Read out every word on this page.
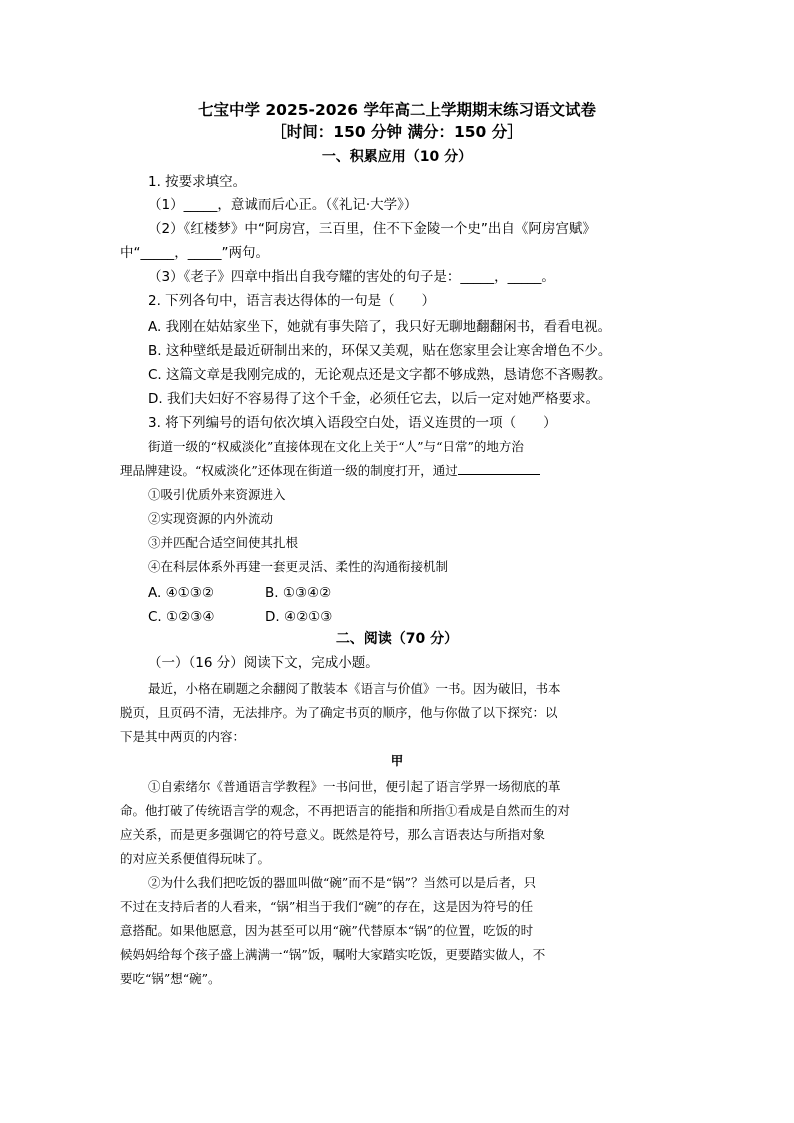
七宝中学 2025-2026 学年高二上学期期末练习语文试卷
［时间：150 分钟 满分：150 分］
一、积累应用（10 分）
1. 按要求填空。
（1）_____，意诚而后心正。（《礼记·大学》）
（2）《红楼梦》中“阿房宫，三百里，住不下金陵一个史”出自《阿房宫赋》
中“_____，_____”两句。
（3）《老子》四章中指出自我夸耀的害处的句子是：_____，_____。
2. 下列各句中，语言表达得体的一句是（　　）
A. 我刚在姑姑家坐下，她就有事失陪了，我只好无聊地翻翻闲书，看看电视。
B. 这种壁纸是最近研制出来的，环保又美观，贴在您家里会让寒舍增色不少。
C. 这篇文章是我刚完成的，无论观点还是文字都不够成熟，恳请您不吝赐教。
D. 我们夫妇好不容易得了这个千金，必须任它去，以后一定对她严格要求。
3. 将下列编号的语句依次填入语段空白处，语义连贯的一项（　　）
街道一级的“权威淡化”直接体现在文化上关于“人”与“日常”的地方治
理品牌建设。“权威淡化”还体现在街道一级的制度打开，通过
①吸引优质外来资源进入
②实现资源的内外流动
③并匹配合适空间使其扎根
④在科层体系外再建一套更灵活、柔性的沟通衔接机制
A. ④①③②	B. ①③④②
C. ①②③④	D. ④②①③
二、阅读（70 分）
（一）（16 分）阅读下文，完成小题。
最近，小格在刷题之余翻阅了散装本《语言与价值》一书。因为破旧，书本
脱页，且页码不清，无法排序。为了确定书页的顺序，他与你做了以下探究：以
下是其中两页的内容：
甲
①自索绪尔《普通语言学教程》一书问世，便引起了语言学界一场彻底的革
命。他打破了传统语言学的观念，不再把语言的能指和所指①看成是自然而生的对
应关系，而是更多强调它的符号意义。既然是符号，那么言语表达与所指对象
的对应关系便值得玩味了。
②为什么我们把吃饭的器皿叫做“碗”而不是“锅”？当然可以是后者，只
不过在支持后者的人看来，“锅”相当于我们“碗”的存在，这是因为符号的任
意搭配。如果他愿意，因为甚至可以用“碗”代替原本“锅”的位置，吃饭的时
候妈妈给每个孩子盛上满满一“锅”饭，嘱咐大家踏实吃饭，更要踏实做人，不
要吃“锅”想“碗”。
